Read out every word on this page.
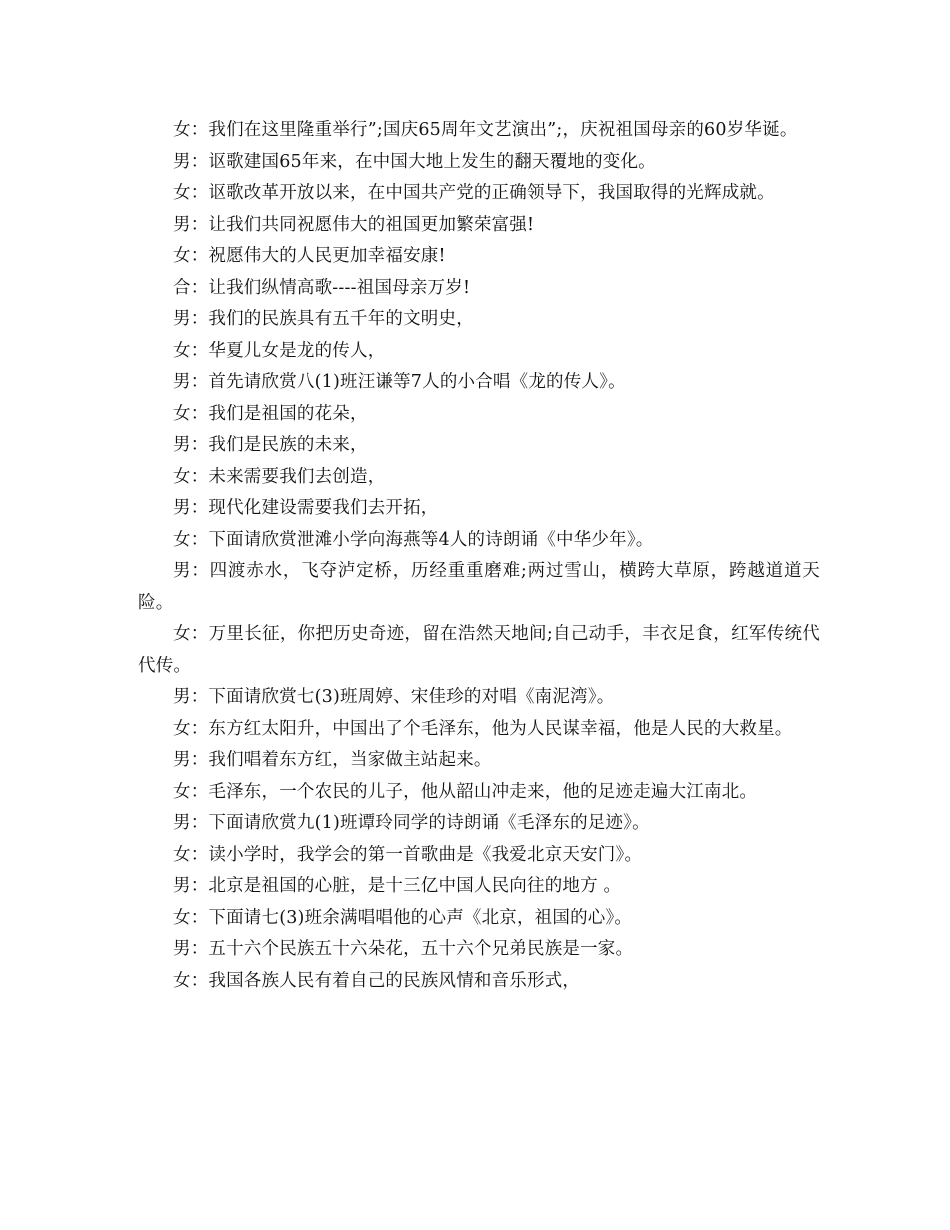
女：我们在这里隆重举行”;国庆65周年文艺演出”;，庆祝祖国母亲的60岁华诞。

男：讴歌建国65年来，在中国大地上发生的翻天覆地的变化。

女：讴歌改革开放以来，在中国共产党的正确领导下，我国取得的光辉成就。

男：让我们共同祝愿伟大的祖国更加繁荣富强!

女：祝愿伟大的人民更加幸福安康!

合：让我们纵情高歌----祖国母亲万岁!

男：我们的民族具有五千年的文明史，

女：华夏儿女是龙的传人，

男：首先请欣赏八(1)班汪谦等7人的小合唱《龙的传人》。

女：我们是祖国的花朵，

男：我们是民族的未来，

女：未来需要我们去创造，

男：现代化建设需要我们去开拓，

女：下面请欣赏泄滩小学向海燕等4人的诗朗诵《中华少年》。

男：四渡赤水，飞夺泸定桥，历经重重磨难;两过雪山，横跨大草原，跨越道道天险。

女：万里长征，你把历史奇迹，留在浩然天地间;自己动手，丰衣足食，红军传统代代传。

男：下面请欣赏七(3)班周婷、宋佳珍的对唱《南泥湾》。

女：东方红太阳升，中国出了个毛泽东，他为人民谋幸福，他是人民的大救星。

男：我们唱着东方红，当家做主站起来。

女：毛泽东，一个农民的儿子，他从韶山冲走来，他的足迹走遍大江南北。

男：下面请欣赏九(1)班谭玲同学的诗朗诵《毛泽东的足迹》。

女：读小学时，我学会的第一首歌曲是《我爱北京天安门》。

男：北京是祖国的心脏，是十三亿中国人民向往的地方 。

女：下面请七(3)班余满唱唱他的心声《北京，祖国的心》。

男：五十六个民族五十六朵花，五十六个兄弟民族是一家。

女：我国各族人民有着自己的民族风情和音乐形式，
